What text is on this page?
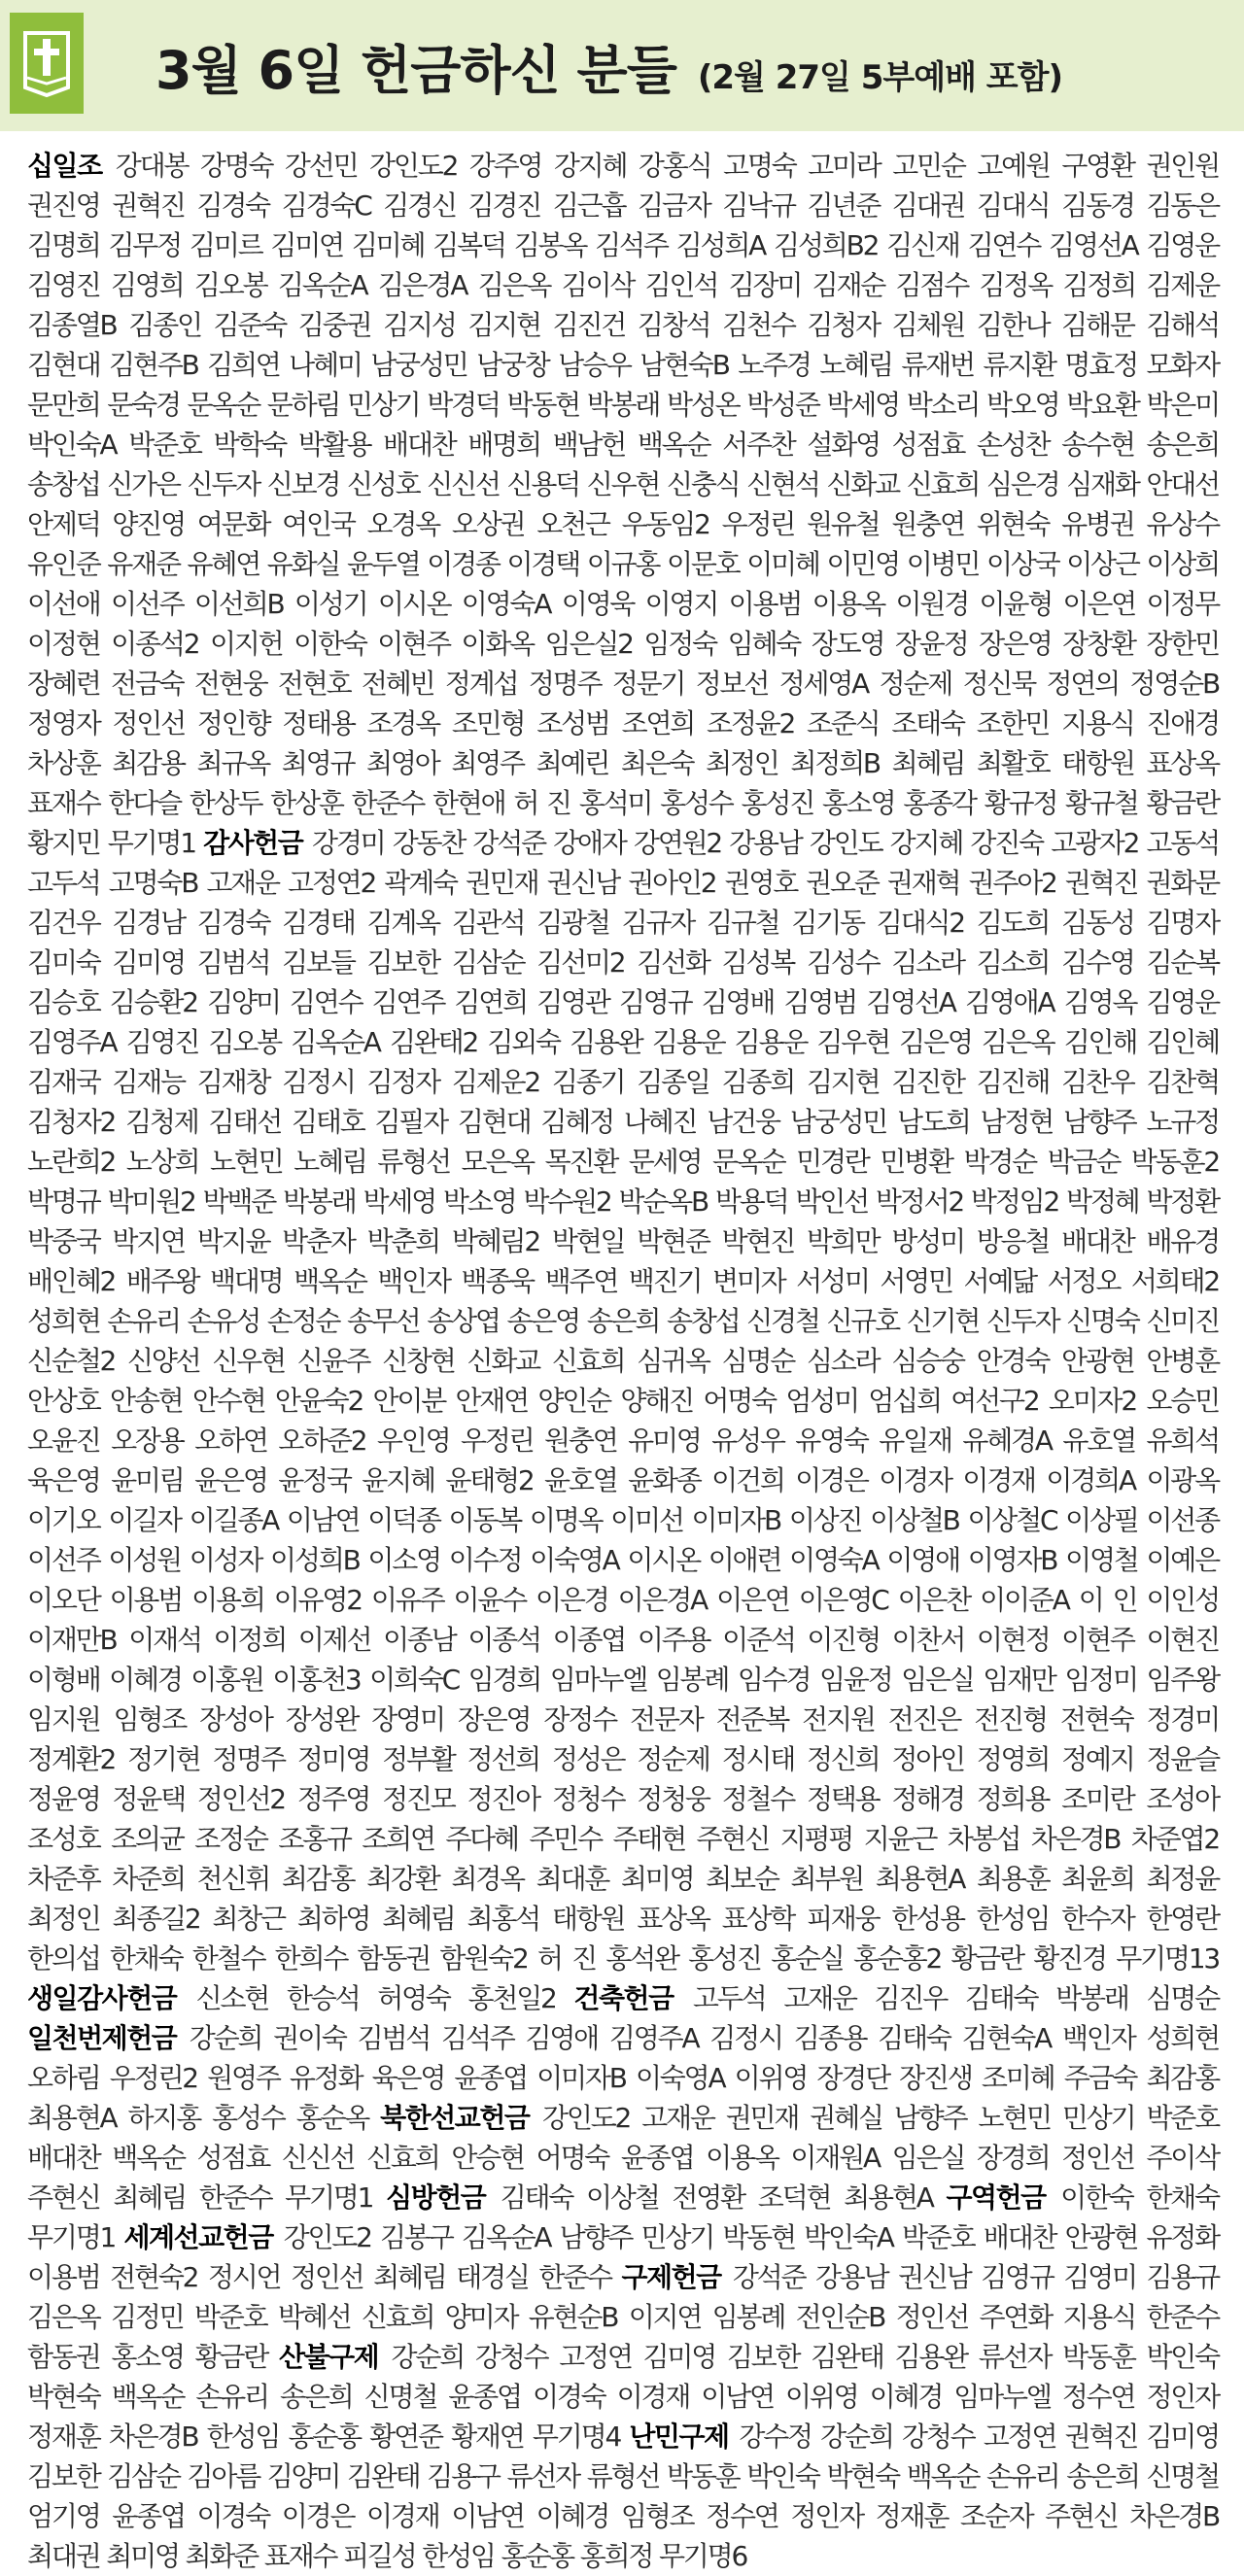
3월 6일 헌금하신 분들 (2월 27일 5부예배 포함)
십일조 강대봉 강명숙 강선민 강인도2 강주영 강지혜 강홍식 고명숙 고미라 고민순 고예원 구영환 권인원 권진영 권혁진 김경숙 김경숙C 김경신 김경진 김근흡 김금자 김낙규 김년준 김대권 김대식 김동경 김동은 김명희 김무정 김미르 김미연 김미혜 김복덕 김봉옥 김석주 김성희A 김성희B2 김신재 김연수 김영선A 김영운 김영진 김영희 김오봉 김옥순A 김은경A 김은옥 김이삭 김인석 김장미 김재순 김점수 김정옥 김정희 김제운 김종열B 김종인 김준숙 김중권 김지성 김지현 김진건 김창석 김천수 김청자 김체원 김한나 김해문 김해석 김현대 김현주B 김희연 나혜미 남궁성민 남궁창 남승우 남현숙B 노주경 노혜림 류재번 류지환 명효정 모화자 문만희 문숙경 문옥순 문하림 민상기 박경덕 박동현 박봉래 박성온 박성준 박세영 박소리 박오영 박요환 박은미 박인숙A 박준호 박학숙 박활용 배대찬 배명희 백남헌 백옥순 서주찬 설화영 성점효 손성찬 송수현 송은희 송창섭 신가은 신두자 신보경 신성호 신신선 신용덕 신우현 신충식 신현석 신화교 신효희 심은경 심재화 안대선 안제덕 양진영 여문화 여인국 오경옥 오상권 오천근 우동임2 우정린 원유철 원충연 위현숙 유병권 유상수 유인준 유재준 유혜연 유화실 윤두열 이경종 이경택 이규홍 이문호 이미혜 이민영 이병민 이상국 이상근 이상희 이선애 이선주 이선희B 이성기 이시온 이영숙A 이영욱 이영지 이용범 이용옥 이원경 이윤형 이은연 이정무 이정현 이종석2 이지헌 이한숙 이현주 이화옥 임은실2 임정숙 임혜숙 장도영 장윤정 장은영 장창환 장한민 장혜련 전금숙 전현웅 전현호 전혜빈 정계섭 정명주 정문기 정보선 정세영A 정순제 정신묵 정연의 정영순B 정영자 정인선 정인향 정태용 조경옥 조민형 조성범 조연희 조정윤2 조준식 조태숙 조한민 지용식 진애경 차상훈 최감용 최규옥 최영규 최영아 최영주 최예린 최은숙 최정인 최정희B 최혜림 최활호 태항원 표상옥 표재수 한다슬 한상두 한상훈 한준수 한현애 허 진 홍석미 홍성수 홍성진 홍소영 홍종각 황규정 황규철 황금란 황지민 무기명1 감사헌금 강경미 강동찬 강석준 강애자 강연원2 강용남 강인도 강지혜 강진숙 고광자2 고동석 고두석 고명숙B 고재운 고정연2 곽계숙 권민재 권신남 권아인2 권영호 권오준 권재혁 권주아2 권혁진 권화문 김건우 김경남 김경숙 김경태 김계옥 김관석 김광철 김규자 김규철 김기동 김대식2 김도희 김동성 김명자 김미숙 김미영 김범석 김보들 김보한 김삼순 김선미2 김선화 김성복 김성수 김소라 김소희 김수영 김순복 김승호 김승환2 김양미 김연수 김연주 김연희 김영관 김영규 김영배 김영범 김영선A 김영애A 김영옥 김영운 김영주A 김영진 김오봉 김옥순A 김완태2 김외숙 김용완 김용운 김용운 김우현 김은영 김은옥 김인해 김인혜 김재국 김재능 김재창 김정시 김정자 김제운2 김종기 김종일 김종희 김지현 김진한 김진해 김찬우 김찬혁 김청자2 김청제 김태선 김태호 김필자 김현대 김혜정 나혜진 남건웅 남궁성민 남도희 남정현 남향주 노규정 노란희2 노상희 노현민 노혜림 류형선 모은옥 목진환 문세영 문옥순 민경란 민병환 박경순 박금순 박동훈2 박명규 박미원2 박백준 박봉래 박세영 박소영 박수원2 박순옥B 박용덕 박인선 박정서2 박정임2 박정혜 박정환 박중국 박지연 박지윤 박춘자 박춘희 박혜림2 박현일 박현준 박현진 박희만 방성미 방응철 배대찬 배유경 배인혜2 배주왕 백대명 백옥순 백인자 백종욱 백주연 백진기 변미자 서성미 서영민 서예닮 서정오 서희태2 성희현 손유리 손유성 손정순 송무선 송상엽 송은영 송은희 송창섭 신경철 신규호 신기현 신두자 신명숙 신미진 신순철2 신양선 신우현 신윤주 신창현 신화교 신효희 심귀옥 심명순 심소라 심승숭 안경숙 안광현 안병훈 안상호 안송현 안수현 안윤숙2 안이분 안재연 양인순 양해진 어명숙 엄성미 엄십희 여선구2 오미자2 오승민 오윤진 오장용 오하연 오하준2 우인영 우정린 원충연 유미영 유성우 유영숙 유일재 유혜경A 유호열 유희석 육은영 윤미림 윤은영 윤정국 윤지혜 윤태형2 윤호열 윤화종 이건희 이경은 이경자 이경재 이경희A 이광옥 이기오 이길자 이길종A 이남연 이덕종 이동복 이명옥 이미선 이미자B 이상진 이상철B 이상철C 이상필 이선종 이선주 이성원 이성자 이성희B 이소영 이수정 이숙영A 이시온 이애련 이영숙A 이영애 이영자B 이영철 이예은 이오단 이용범 이용희 이유영2 이유주 이윤수 이은경 이은경A 이은연 이은영C 이은찬 이이준A 이 인 이인성 이재만B 이재석 이정희 이제선 이종남 이종석 이종엽 이주용 이준석 이진형 이찬서 이현정 이현주 이현진 이형배 이혜경 이홍원 이홍천3 이희숙C 임경희 임마누엘 임봉례 임수경 임윤정 임은실 임재만 임정미 임주왕 임지원 임형조 장성아 장성완 장영미 장은영 장정수 전문자 전준복 전지원 전진은 전진형 전현숙 정경미 정계환2 정기현 정명주 정미영 정부활 정선희 정성은 정순제 정시태 정신희 정아인 정영희 정예지 정윤슬 정윤영 정윤택 정인선2 정주영 정진모 정진아 정청수 정청웅 정철수 정택용 정해경 정희용 조미란 조성아 조성호 조의균 조정순 조홍규 조희연 주다혜 주민수 주태현 주현신 지평평 지윤근 차봉섭 차은경B 차준엽2 차준후 차준희 천신휘 최감홍 최강환 최경옥 최대훈 최미영 최보순 최부원 최용현A 최용훈 최윤희 최정윤 최정인 최종길2 최창근 최하영 최혜림 최홍석 태항원 표상옥 표상학 피재웅 한성용 한성임 한수자 한영란 한의섭 한채숙 한철수 한희수 함동권 함원숙2 허 진 홍석완 홍성진 홍순실 홍순홍2 황금란 황진경 무기명13 생일감사헌금 신소현 한승석 허영숙 홍천일2 건축헌금 고두석 고재운 김진우 김태숙 박봉래 심명순 일천번제헌금 강순희 권이숙 김범석 김석주 김영애 김영주A 김정시 김종용 김태숙 김현숙A 백인자 성희현 오하림 우정린2 원영주 유정화 육은영 윤종엽 이미자B 이숙영A 이위영 장경단 장진생 조미혜 주금숙 최감홍 최용현A 하지홍 홍성수 홍순옥 북한선교헌금 강인도2 고재운 권민재 권혜실 남향주 노현민 민상기 박준호 배대찬 백옥순 성점효 신신선 신효희 안승현 어명숙 윤종엽 이용옥 이재원A 임은실 장경희 정인선 주이삭 주현신 최혜림 한준수 무기명1 심방헌금 김태숙 이상철 전영환 조덕현 최용현A 구역헌금 이한숙 한채숙 무기명1 세계선교헌금 강인도2 김봉구 김옥순A 남향주 민상기 박동현 박인숙A 박준호 배대찬 안광현 유정화 이용범 전현숙2 정시언 정인선 최혜림 태경실 한준수 구제헌금 강석준 강용남 권신남 김영규 김영미 김용규 김은옥 김정민 박준호 박혜선 신효희 양미자 유현순B 이지연 임봉례 전인순B 정인선 주연화 지용식 한준수 함동권 홍소영 황금란 산불구제 강순희 강청수 고정연 김미영 김보한 김완태 김용완 류선자 박동훈 박인숙 박현숙 백옥순 손유리 송은희 신명철 윤종엽 이경숙 이경재 이남연 이위영 이혜경 임마누엘 정수연 정인자 정재훈 차은경B 한성임 홍순홍 황연준 황재연 무기명4 난민구제 강수정 강순희 강청수 고정연 권혁진 김미영 김보한 김삼순 김아름 김양미 김완태 김용구 류선자 류형선 박동훈 박인숙 박현숙 백옥순 손유리 송은희 신명철 엄기영 윤종엽 이경숙 이경은 이경재 이남연 이혜경 임형조 정수연 정인자 정재훈 조순자 주현신 차은경B 최대권 최미영 최화준 표재수 피길성 한성임 홍순홍 홍희정 무기명6
